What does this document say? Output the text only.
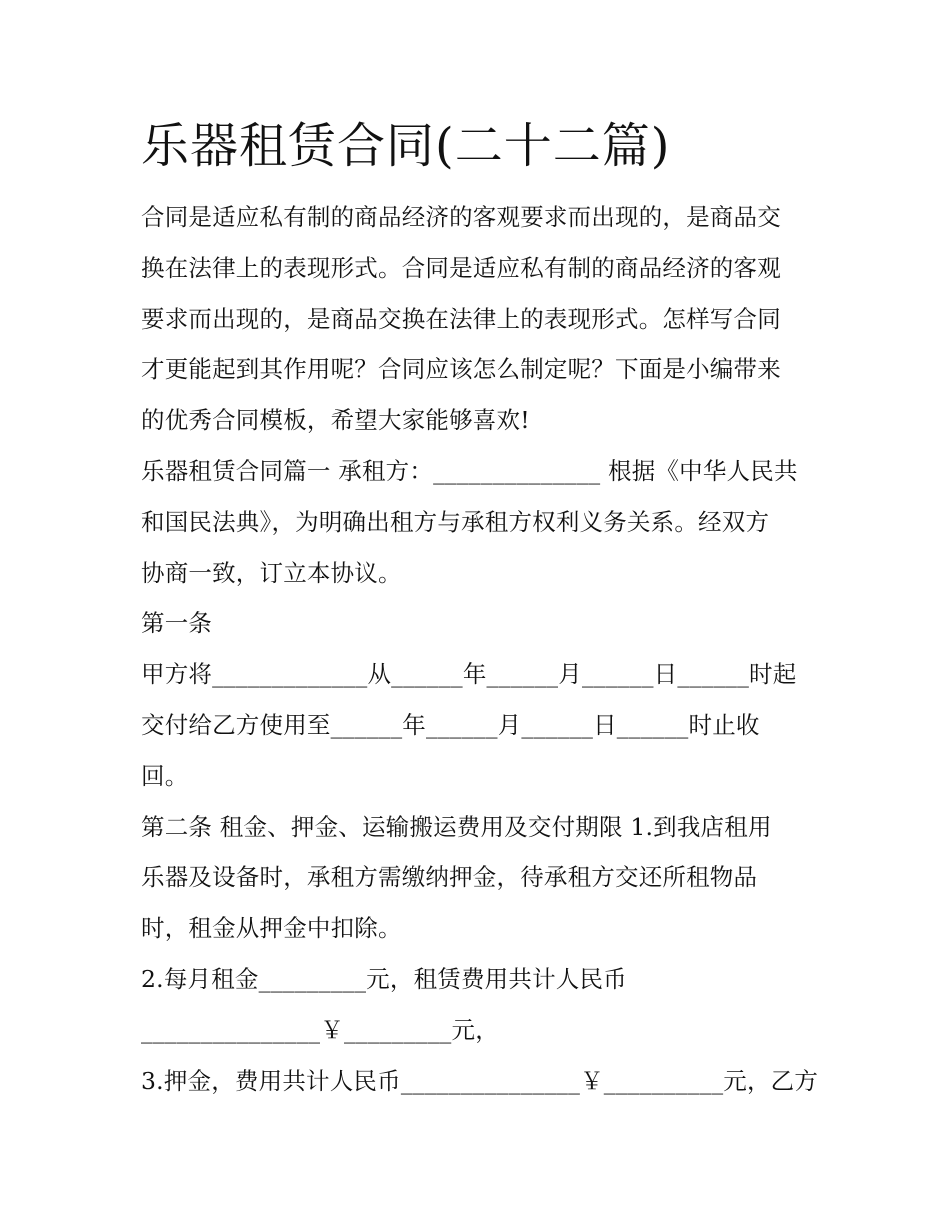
乐器租赁合同(二十二篇)
合同是适应私有制的商品经济的客观要求而出现的，是商品交
换在法律上的表现形式。合同是适应私有制的商品经济的客观
要求而出现的，是商品交换在法律上的表现形式。怎样写合同
才更能起到其作用呢？合同应该怎么制定呢？下面是小编带来
的优秀合同模板，希望大家能够喜欢!
乐器租赁合同篇一 承租方：______________ 根据《中华人民共
和国民法典》，为明确出租方与承租方权利义务关系。经双方
协商一致，订立本协议。
第一条
甲方将_____________从______年______月______日______时起
交付给乙方使用至______年______月______日______时止收
回。
第二条 租金、押金、运输搬运费用及交付期限 1.到我店租用
乐器及设备时，承租方需缴纳押金，待承租方交还所租物品
时，租金从押金中扣除。
2.每月租金_________元，租赁费用共计人民币
_______________￥_________元，
3.押金，费用共计人民币_______________￥__________元，乙方
